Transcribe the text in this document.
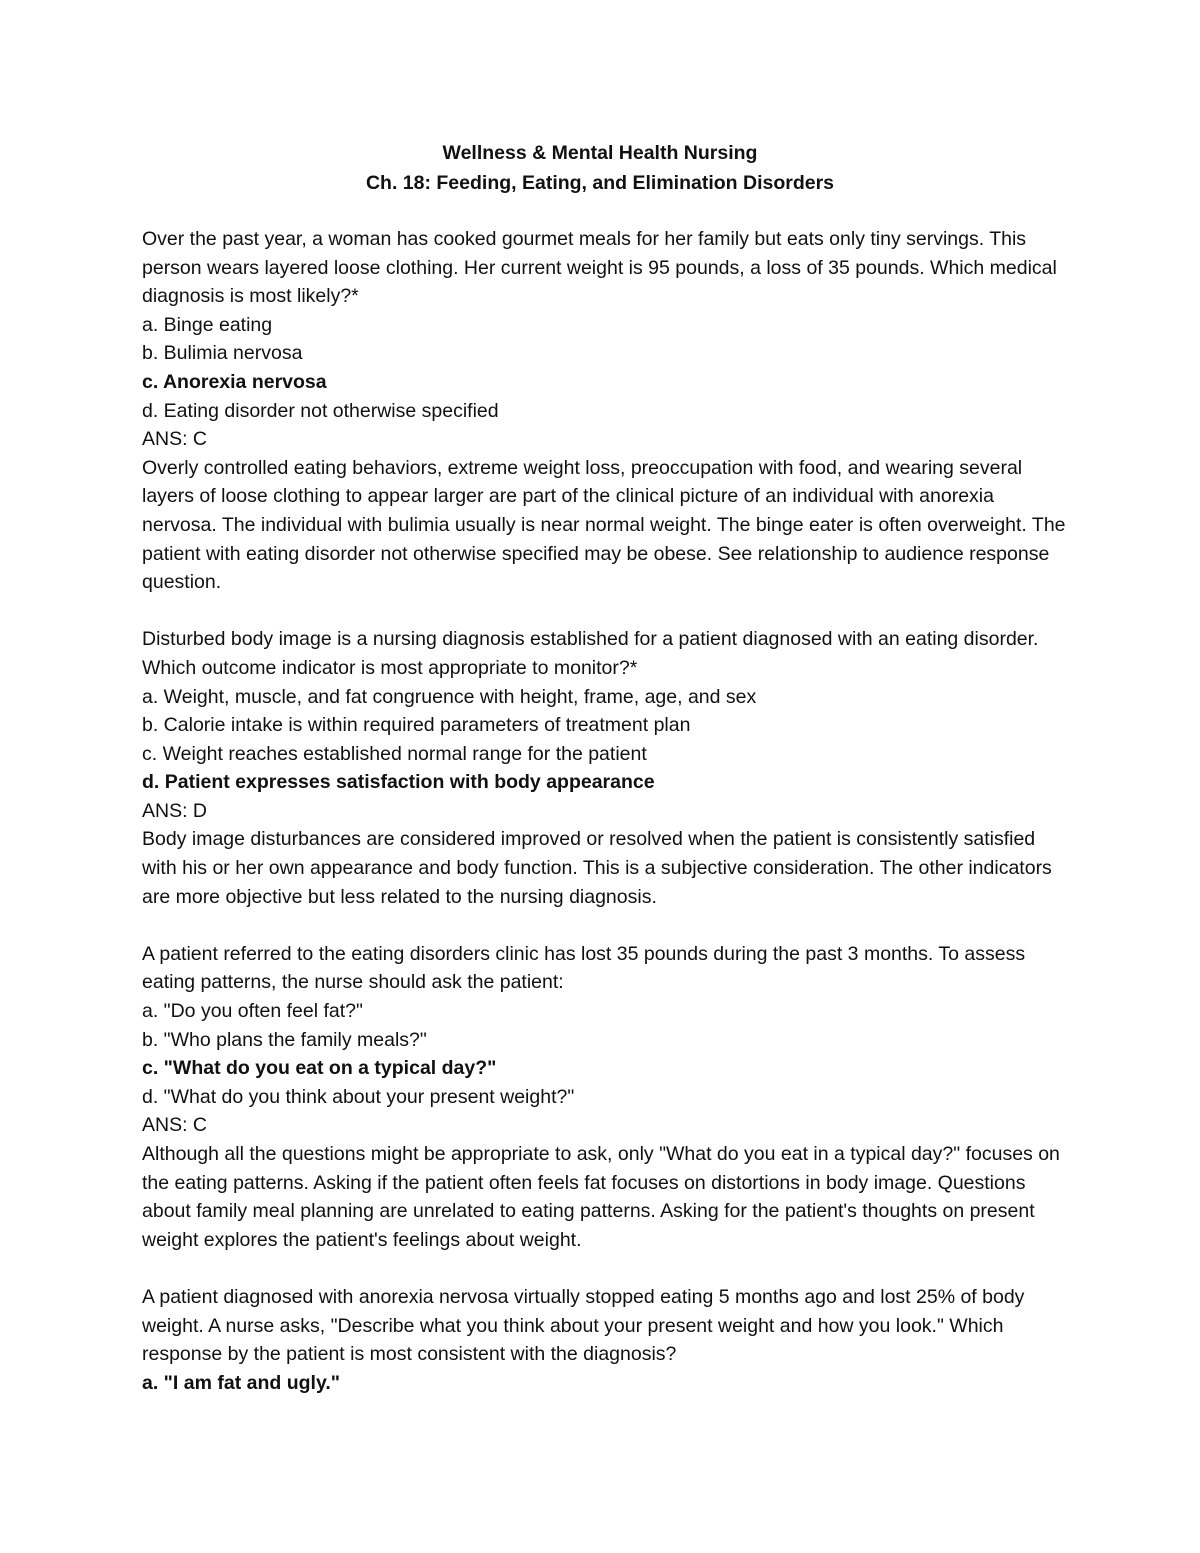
Wellness & Mental Health Nursing
Ch. 18: Feeding, Eating, and Elimination Disorders
Over the past year, a woman has cooked gourmet meals for her family but eats only tiny servings. This person wears layered loose clothing. Her current weight is 95 pounds, a loss of 35 pounds. Which medical diagnosis is most likely?*
a. Binge eating
b. Bulimia nervosa
c. Anorexia nervosa
d. Eating disorder not otherwise specified
ANS: C
Overly controlled eating behaviors, extreme weight loss, preoccupation with food, and wearing several layers of loose clothing to appear larger are part of the clinical picture of an individual with anorexia nervosa. The individual with bulimia usually is near normal weight. The binge eater is often overweight. The patient with eating disorder not otherwise specified may be obese. See relationship to audience response question.
Disturbed body image is a nursing diagnosis established for a patient diagnosed with an eating disorder. Which outcome indicator is most appropriate to monitor?*
a. Weight, muscle, and fat congruence with height, frame, age, and sex
b. Calorie intake is within required parameters of treatment plan
c. Weight reaches established normal range for the patient
d. Patient expresses satisfaction with body appearance
ANS: D
Body image disturbances are considered improved or resolved when the patient is consistently satisfied with his or her own appearance and body function. This is a subjective consideration. The other indicators are more objective but less related to the nursing diagnosis.
A patient referred to the eating disorders clinic has lost 35 pounds during the past 3 months. To assess eating patterns, the nurse should ask the patient:
a. "Do you often feel fat?"
b. "Who plans the family meals?"
c. "What do you eat on a typical day?"
d. "What do you think about your present weight?"
ANS: C
Although all the questions might be appropriate to ask, only "What do you eat in a typical day?" focuses on the eating patterns. Asking if the patient often feels fat focuses on distortions in body image. Questions about family meal planning are unrelated to eating patterns. Asking for the patient's thoughts on present weight explores the patient's feelings about weight.
A patient diagnosed with anorexia nervosa virtually stopped eating 5 months ago and lost 25% of body weight. A nurse asks, "Describe what you think about your present weight and how you look." Which response by the patient is most consistent with the diagnosis?
a. "I am fat and ugly."
